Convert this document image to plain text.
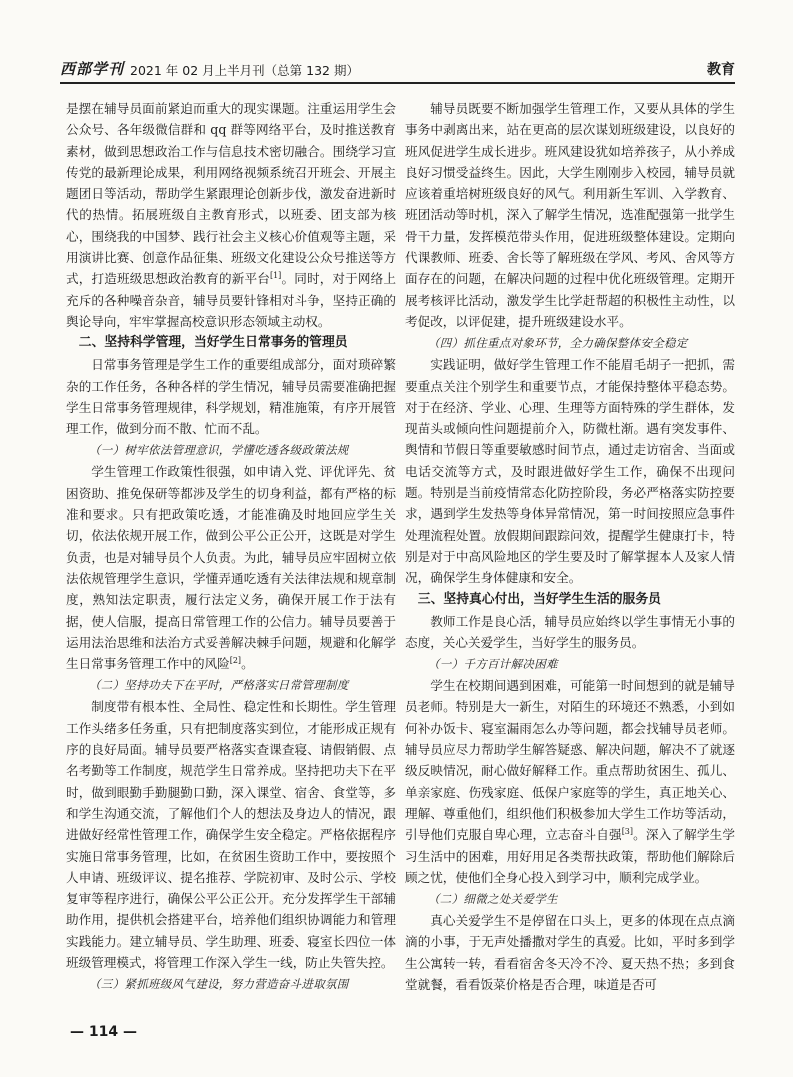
西部学刊 2021 年 02 月上半月刊（总第 132 期）	教育

是摆在辅导员面前紧迫而重大的现实课题。注重运用学生会公众号、各年级微信群和 qq 群等网络平台，及时推送教育素材，做到思想政治工作与信息技术密切融合。围绕学习宣传党的最新理论成果，利用网络视频系统召开班会、开展主题团日等活动，帮助学生紧跟理论创新步伐，激发奋进新时代的热情。拓展班级自主教育形式，以班委、团支部为核心，围绕我的中国梦、践行社会主义核心价值观等主题，采用演讲比赛、创意作品征集、班级文化建设公众号推送等方式，打造班级思想政治教育的新平台[1]。同时，对于网络上充斥的各种噪音杂音，辅导员要针锋相对斗争，坚持正确的舆论导向，牢牢掌握高校意识形态领域主动权。

二、坚持科学管理，当好学生日常事务的管理员

日常事务管理是学生工作的重要组成部分，面对琐碎繁杂的工作任务，各种各样的学生情况，辅导员需要准确把握学生日常事务管理规律，科学规划，精准施策，有序开展管理工作，做到分而不散、忙而不乱。

（一）树牢依法管理意识，学懂吃透各级政策法规

学生管理工作政策性很强，如申请入党、评优评先、贫困资助、推免保研等都涉及学生的切身利益，都有严格的标准和要求。只有把政策吃透，才能准确及时地回应学生关切，依法依规开展工作，做到公平公正公开，这既是对学生负责，也是对辅导员个人负责。为此，辅导员应牢固树立依法依规管理学生意识，学懂弄通吃透有关法律法规和规章制度，熟知法定职责，履行法定义务，确保开展工作于法有据，使人信服，提高日常管理工作的公信力。辅导员要善于运用法治思维和法治方式妥善解决棘手问题，规避和化解学生日常事务管理工作中的风险[2]。

（二）坚持功夫下在平时，严格落实日常管理制度

制度带有根本性、全局性、稳定性和长期性。学生管理工作头绪多任务重，只有把制度落实到位，才能形成正规有序的良好局面。辅导员要严格落实查课查寝、请假销假、点名考勤等工作制度，规范学生日常养成。坚持把功夫下在平时，做到眼勤手勤腿勤口勤，深入课堂、宿舍、食堂等，多和学生沟通交流，了解他们个人的想法及身边人的情况，跟进做好经常性管理工作，确保学生安全稳定。严格依据程序实施日常事务管理，比如，在贫困生资助工作中，要按照个人申请、班级评议、提名推荐、学院初审、及时公示、学校复审等程序进行，确保公平公正公开。充分发挥学生干部辅助作用，提供机会搭建平台，培养他们组织协调能力和管理实践能力。建立辅导员、学生助理、班委、寝室长四位一体班级管理模式，将管理工作深入学生一线，防止失管失控。

（三）紧抓班级风气建设，努力营造奋斗进取氛围

辅导员既要不断加强学生管理工作，又要从具体的学生事务中剥离出来，站在更高的层次谋划班级建设，以良好的班风促进学生成长进步。班风建设犹如培养孩子，从小养成良好习惯受益终生。因此，大学生刚刚步入校园，辅导员就应该着重培树班级良好的风气。利用新生军训、入学教育、班团活动等时机，深入了解学生情况，选准配强第一批学生骨干力量，发挥模范带头作用，促进班级整体建设。定期向代课教师、班委、舍长等了解班级在学风、考风、舍风等方面存在的问题，在解决问题的过程中优化班级管理。定期开展考核评比活动，激发学生比学赶帮超的积极性主动性，以考促改，以评促建，提升班级建设水平。

（四）抓住重点对象环节，全力确保整体安全稳定

实践证明，做好学生管理工作不能眉毛胡子一把抓，需要重点关注个别学生和重要节点，才能保持整体平稳态势。对于在经济、学业、心理、生理等方面特殊的学生群体，发现苗头或倾向性问题提前介入，防微杜渐。遇有突发事件、舆情和节假日等重要敏感时间节点，通过走访宿舍、当面或电话交流等方式，及时跟进做好学生工作，确保不出现问题。特别是当前疫情常态化防控阶段，务必严格落实防控要求，遇到学生发热等身体异常情况，第一时间按照应急事件处理流程处置。放假期间跟踪问效，提醒学生健康打卡，特别是对于中高风险地区的学生要及时了解掌握本人及家人情况，确保学生身体健康和安全。

三、坚持真心付出，当好学生生活的服务员

教师工作是良心活，辅导员应始终以学生事情无小事的态度，关心关爱学生，当好学生的服务员。

（一）千方百计解决困难

学生在校期间遇到困难，可能第一时间想到的就是辅导员老师。特别是大一新生，对陌生的环境还不熟悉，小到如何补办饭卡、寝室漏雨怎么办等问题，都会找辅导员老师。辅导员应尽力帮助学生解答疑惑、解决问题，解决不了就逐级反映情况，耐心做好解释工作。重点帮助贫困生、孤儿、单亲家庭、伤残家庭、低保户家庭等的学生，真正地关心、理解、尊重他们，组织他们积极参加大学生工作坊等活动，引导他们克服自卑心理，立志奋斗自强[3]。深入了解学生学习生活中的困难，用好用足各类帮扶政策，帮助他们解除后顾之忧，使他们全身心投入到学习中，顺利完成学业。

（二）细微之处关爱学生

真心关爱学生不是停留在口头上，更多的体现在点点滴滴的小事，于无声处播撒对学生的真爱。比如，平时多到学生公寓转一转，看看宿舍冬天冷不冷、夏天热不热；多到食堂就餐，看看饭菜价格是否合理，味道是否可

— 114 —
